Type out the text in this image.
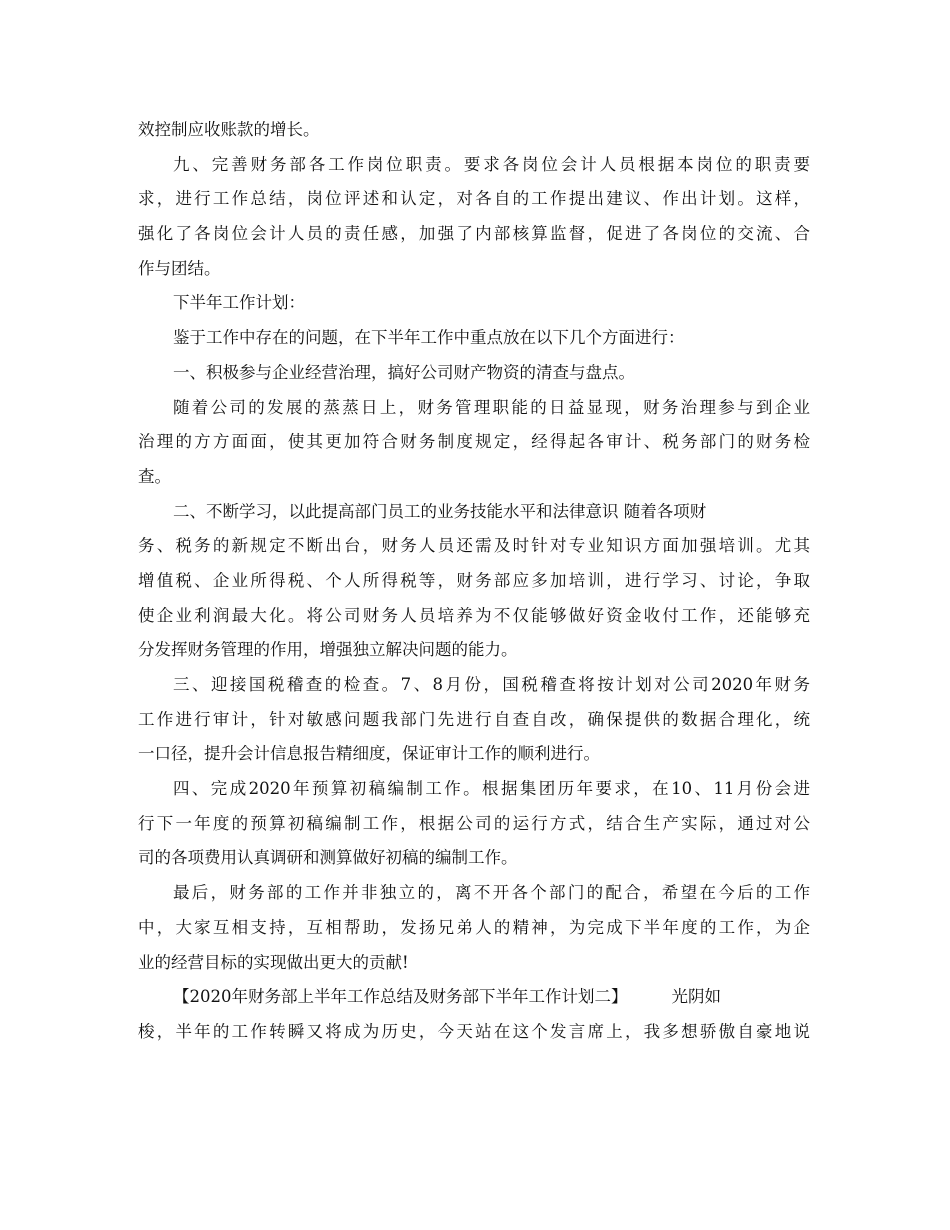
效控制应收账款的增长。
九、完善财务部各工作岗位职责。要求各岗位会计人员根据本岗位的职责要
求，进行工作总结，岗位评述和认定，对各自的工作提出建议、作出计划。这样，
强化了各岗位会计人员的责任感，加强了内部核算监督，促进了各岗位的交流、合
作与团结。
下半年工作计划：
鉴于工作中存在的问题，在下半年工作中重点放在以下几个方面进行：
一、积极参与企业经营治理，搞好公司财产物资的清查与盘点。
随着公司的发展的蒸蒸日上，财务管理职能的日益显现，财务治理参与到企业
治理的方方面面，使其更加符合财务制度规定，经得起各审计、税务部门的财务检
查。
二、不断学习，以此提高部门员工的业务技能水平和法律意识 随着各项财
务、税务的新规定不断出台，财务人员还需及时针对专业知识方面加强培训。尤其
增值税、企业所得税、个人所得税等，财务部应多加培训，进行学习、讨论，争取
使企业利润最大化。将公司财务人员培养为不仅能够做好资金收付工作，还能够充
分发挥财务管理的作用，增强独立解决问题的能力。
三、迎接国税稽查的检查。7、8月份，国税稽查将按计划对公司2020年财务
工作进行审计，针对敏感问题我部门先进行自查自改，确保提供的数据合理化，统
一口径，提升会计信息报告精细度，保证审计工作的顺利进行。
四、完成2020年预算初稿编制工作。根据集团历年要求，在10、11月份会进
行下一年度的预算初稿编制工作，根据公司的运行方式，结合生产实际，通过对公
司的各项费用认真调研和测算做好初稿的编制工作。
最后，财务部的工作并非独立的，离不开各个部门的配合，希望在今后的工作
中，大家互相支持，互相帮助，发扬兄弟人的精神，为完成下半年度的工作，为企
业的经营目标的实现做出更大的贡献!
【2020年财务部上半年工作总结及财务部下半年工作计划二】	光阴如
梭，半年的工作转瞬又将成为历史，今天站在这个发言席上，我多想骄傲自豪地说
